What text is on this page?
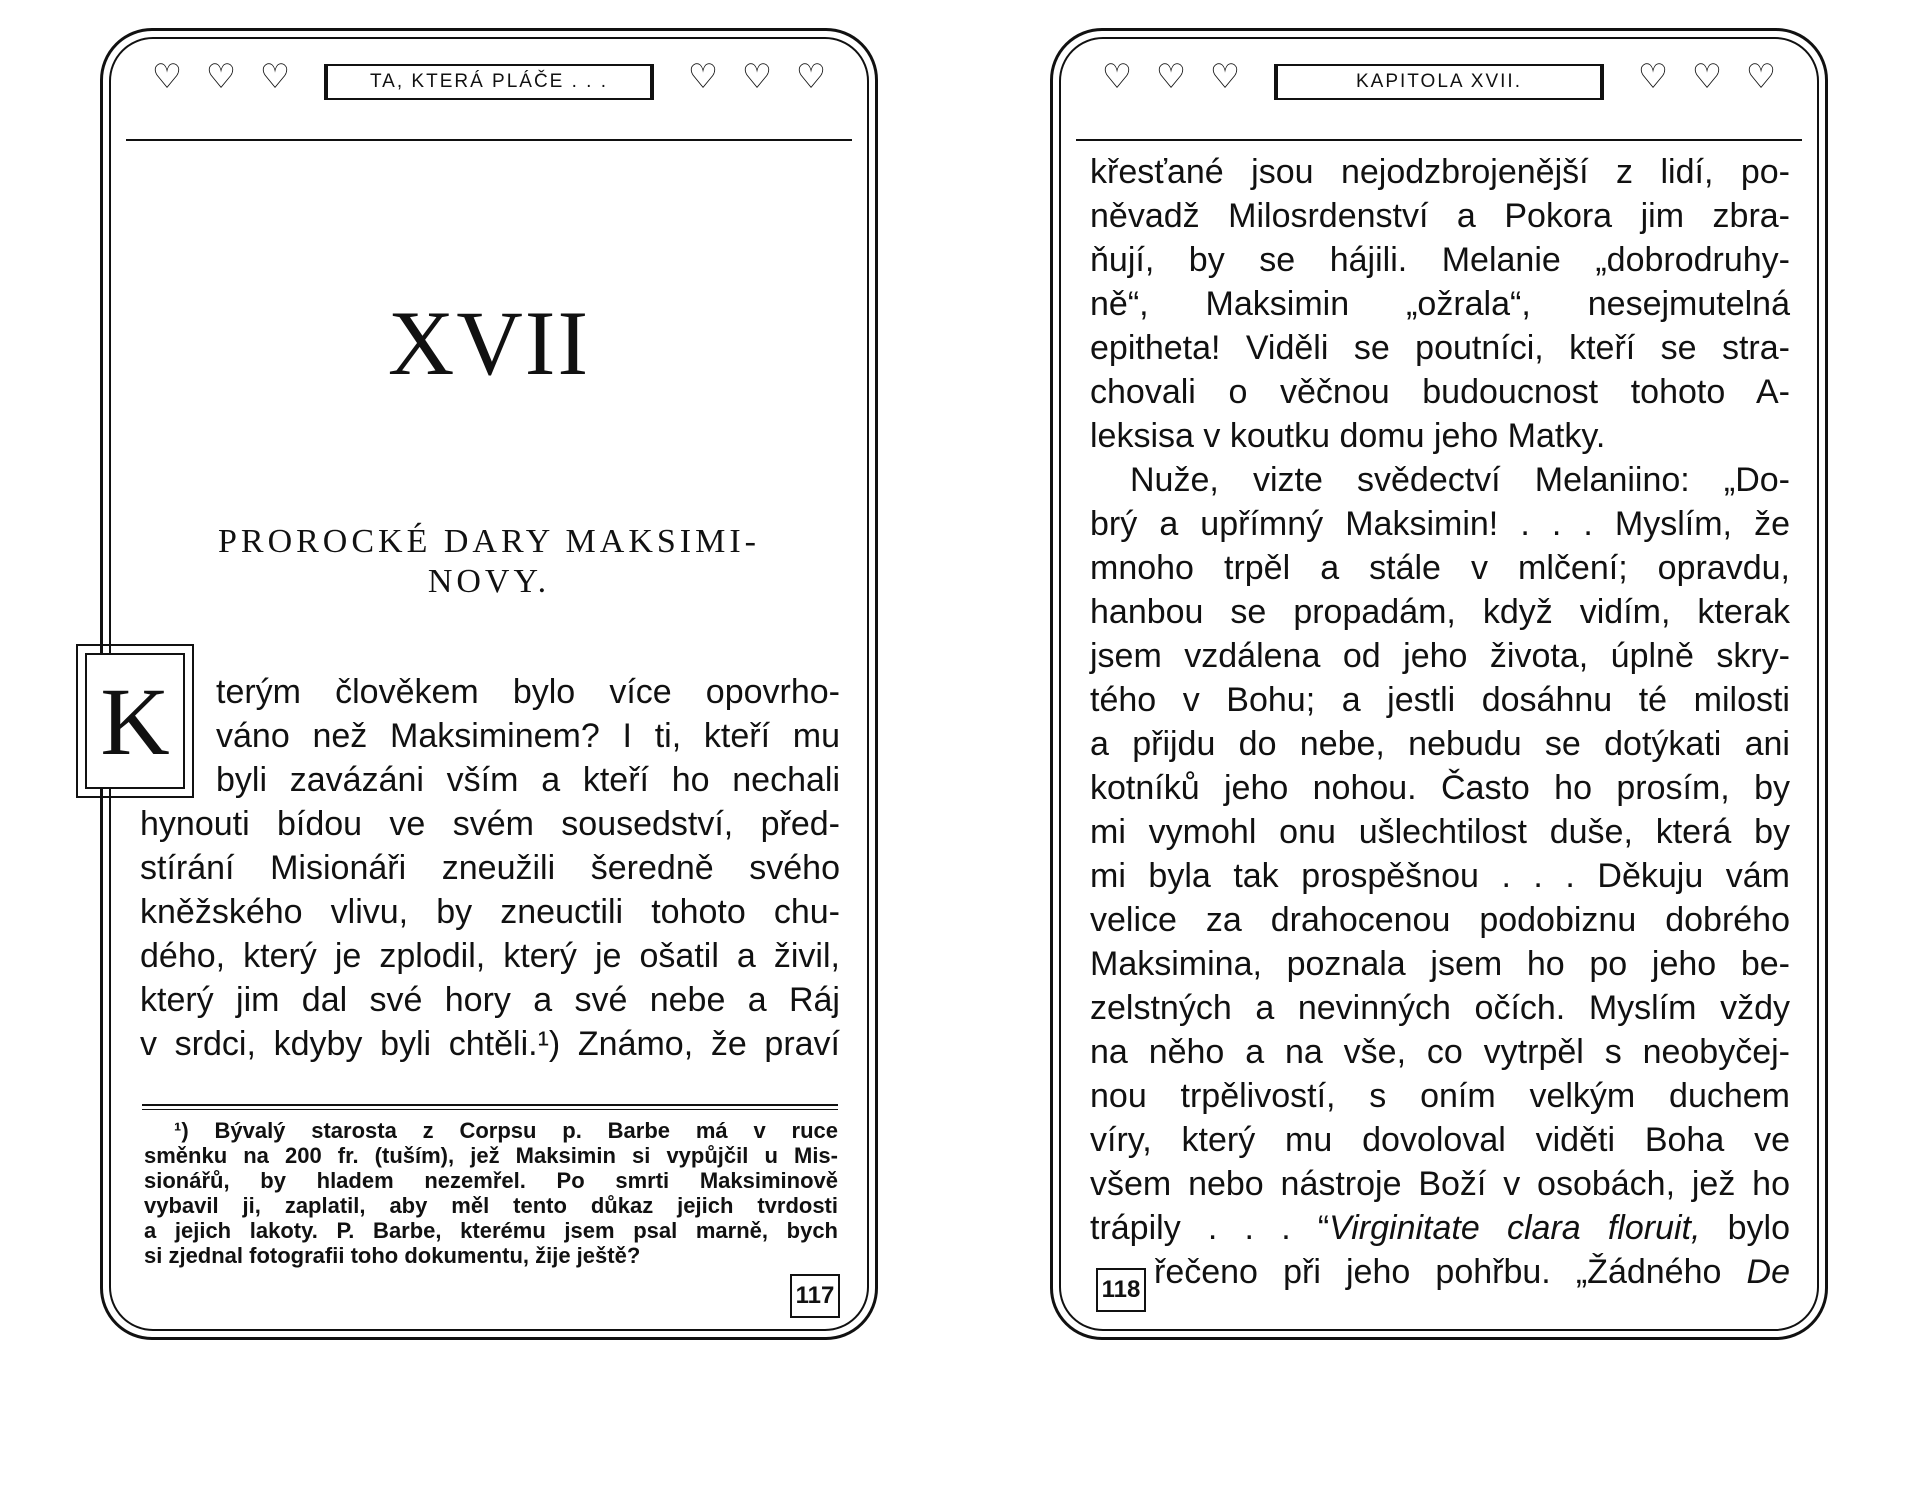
♡ ♡ ♡	TA, KTERÁ PLÁČE . . .	♡ ♡ ♡
XVII
PROROCKÉ DARY MAKSIMI-
NOVY.
K	terým člověkem bylo více opovrho-
váno než Maksiminem? I ti, kteří mu
byli zavázáni vším a kteří ho nechali
hynouti bídou ve svém sousedství, před-
stírání Misionáři zneužili šeredně svého
kněžského vlivu, by zneuctili tohoto chu-
dého, který je zplodil, který je ošatil a živil,
který jim dal své hory a své nebe a Ráj
v srdci, kdyby byli chtěli.¹) Známo, že praví
¹) Bývalý starosta z Corpsu p. Barbe má v ruce
směnku na 200 fr. (tuším), jež Maksimin si vypůjčil u Mis-
sionářů, by hladem nezemřel. Po smrti Maksiminově
vybavil ji, zaplatil, aby měl tento důkaz jejich tvrdosti
a jejich lakoty. P. Barbe, kterému jsem psal marně, bych
si zjednal fotografii toho dokumentu, žije ještě?
117
♡ ♡ ♡	KAPITOLA XVII.	♡ ♡ ♡
křesťané jsou nejodzbrojenější z lidí, po-
něvadž Milosrdenství a Pokora jim zbra-
ňují, by se hájili. Melanie „dobrodruhy-
ně“, Maksimin „ožrala“, nesejmutelná
epitheta! Viděli se poutníci, kteří se stra-
chovali o věčnou budoucnost tohoto A-
leksisa v koutku domu jeho Matky.
Nuže, vizte svědectví Melaniino: „Do-
brý a upřímný Maksimin! . . . Myslím, že
mnoho trpěl a stále v mlčení; opravdu,
hanbou se propadám, když vidím, kterak
jsem vzdálena od jeho života, úplně skry-
tého v Bohu; a jestli dosáhnu té milosti
a přijdu do nebe, nebudu se dotýkati ani
kotníků jeho nohou. Často ho prosím, by
mi vymohl onu ušlechtilost duše, která by
mi byla tak prospěšnou . . . Děkuju vám
velice za drahocenou podobiznu dobrého
Maksimina, poznala jsem ho po jeho be-
zelstných a nevinných očích. Myslím vždy
na něho a na vše, co vytrpěl s neobyčej-
nou trpělivostí, s oním velkým duchem
víry, který mu dovoloval viděti Boha ve
všem nebo nástroje Boží v osobách, jež ho
trápily . . . “Virginitate clara floruit, bylo
řečeno při jeho pohřbu. „Žádného De
118
